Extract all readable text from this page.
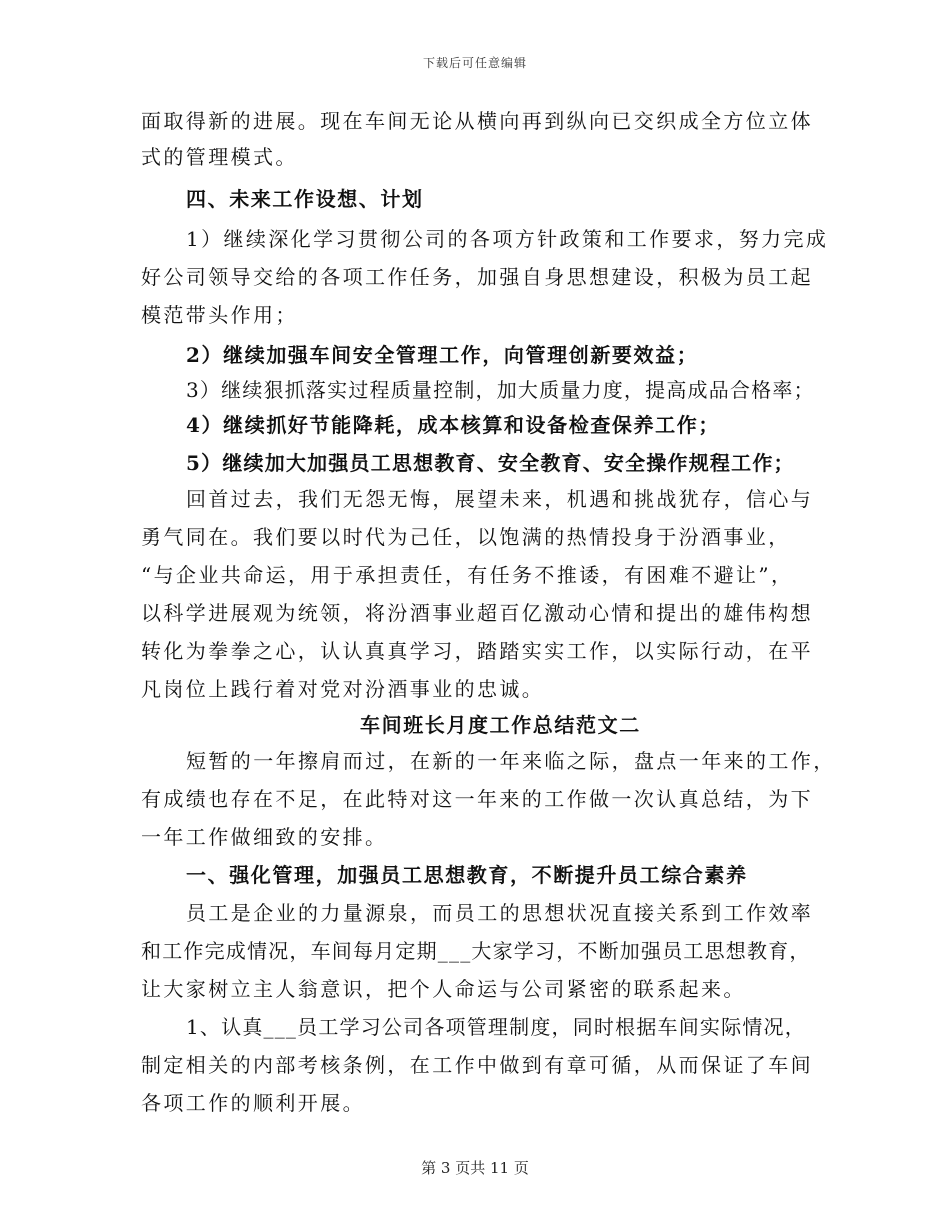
下载后可任意编辑
面取得新的进展。现在车间无论从横向再到纵向已交织成全方位立体
式的管理模式。
四、未来工作设想、计划
1）继续深化学习贯彻公司的各项方针政策和工作要求，努力完成
好公司领导交给的各项工作任务，加强自身思想建设，积极为员工起
模范带头作用；
2）继续加强车间安全管理工作，向管理创新要效益；
3）继续狠抓落实过程质量控制，加大质量力度，提高成品合格率；
4）继续抓好节能降耗，成本核算和设备检查保养工作；
5）继续加大加强员工思想教育、安全教育、安全操作规程工作；
回首过去，我们无怨无悔，展望未来，机遇和挑战犹存，信心与
勇气同在。我们要以时代为己任，以饱满的热情投身于汾酒事业，
“与企业共命运，用于承担责任，有任务不推诿，有困难不避让”，
以科学进展观为统领，将汾酒事业超百亿激动心情和提出的雄伟构想
转化为拳拳之心，认认真真学习，踏踏实实工作，以实际行动，在平
凡岗位上践行着对党对汾酒事业的忠诚。
车间班长月度工作总结范文二
短暂的一年擦肩而过，在新的一年来临之际，盘点一年来的工作，
有成绩也存在不足，在此特对这一年来的工作做一次认真总结，为下
一年工作做细致的安排。
一、强化管理，加强员工思想教育，不断提升员工综合素养
员工是企业的力量源泉，而员工的思想状况直接关系到工作效率
和工作完成情况，车间每月定期___大家学习，不断加强员工思想教育，
让大家树立主人翁意识，把个人命运与公司紧密的联系起来。
1、认真___员工学习公司各项管理制度，同时根据车间实际情况，
制定相关的内部考核条例，在工作中做到有章可循，从而保证了车间
各项工作的顺利开展。
第 3 页共 11 页
